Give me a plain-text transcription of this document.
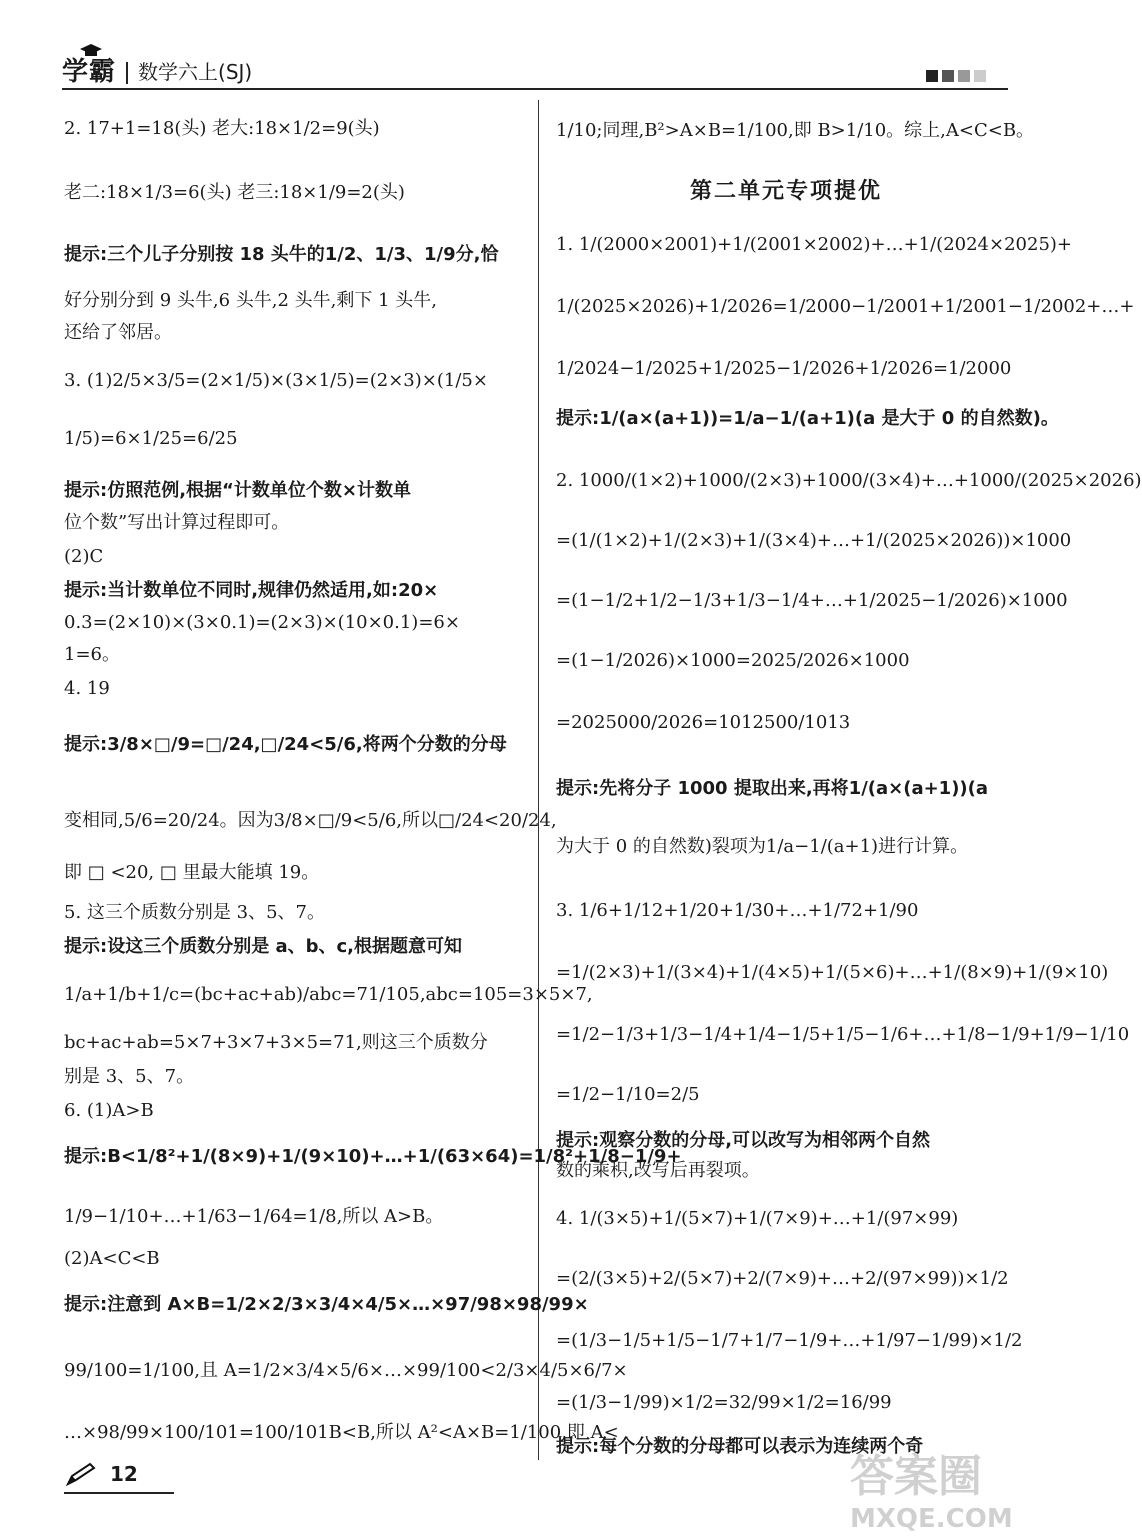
学霸 数学六上(SJ)
2. 17+1=18(头) 老大:18×1/2=9(头)
老二:18×1/3=6(头) 老三:18×1/9=2(头)
提示:三个儿子分别按 18 头牛的1/2、1/3、1/9分,恰
好分别分到 9 头牛,6 头牛,2 头牛,剩下 1 头牛,
还给了邻居。
3. (1)2/5×3/5=(2×1/5)×(3×1/5)=(2×3)×(1/5×
1/5)=6×1/25=6/25
提示:仿照范例,根据“计数单位个数×计数单
位个数”写出计算过程即可。
(2)C
提示:当计数单位不同时,规律仍然适用,如:20×
0.3=(2×10)×(3×0.1)=(2×3)×(10×0.1)=6×
1=6。
4. 19
提示:3/8×□/9=□/24,□/24<5/6,将两个分数的分母
变相同,5/6=20/24。因为3/8×□/9<5/6,所以□/24<20/24,
即 □ <20, □ 里最大能填 19。
5. 这三个质数分别是 3、5、7。
提示:设这三个质数分别是 a、b、c,根据题意可知
1/a+1/b+1/c=(bc+ac+ab)/abc=71/105,abc=105=3×5×7,
bc+ac+ab=5×7+3×7+3×5=71,则这三个质数分
别是 3、5、7。
6. (1)A>B
提示:B<1/8²+1/(8×9)+1/(9×10)+…+1/(63×64)=1/8²+1/8−1/9+
1/9−1/10+…+1/63−1/64=1/8,所以 A>B。
(2)A<C<B
提示:注意到 A×B=1/2×2/3×3/4×4/5×…×97/98×98/99×
99/100=1/100,且 A=1/2×3/4×5/6×…×99/100<2/3×4/5×6/7×
…×98/99×100/101=100/101B<B,所以 A²<A×B=1/100,即 A<
1/10;同理,B²>A×B=1/100,即 B>1/10。综上,A<C<B。
第二单元专项提优
1. 1/(2000×2001)+1/(2001×2002)+…+1/(2024×2025)+
1/(2025×2026)+1/2026=1/2000−1/2001+1/2001−1/2002+…+
1/2024−1/2025+1/2025−1/2026+1/2026=1/2000
提示:1/(a×(a+1))=1/a−1/(a+1)(a 是大于 0 的自然数)。
2. 1000/(1×2)+1000/(2×3)+1000/(3×4)+…+1000/(2025×2026)
=(1/(1×2)+1/(2×3)+1/(3×4)+…+1/(2025×2026))×1000
=(1−1/2+1/2−1/3+1/3−1/4+…+1/2025−1/2026)×1000
=(1−1/2026)×1000=2025/2026×1000
=2025000/2026=1012500/1013
提示:先将分子 1000 提取出来,再将1/(a×(a+1))(a
为大于 0 的自然数)裂项为1/a−1/(a+1)进行计算。
3. 1/6+1/12+1/20+1/30+…+1/72+1/90
=1/(2×3)+1/(3×4)+1/(4×5)+1/(5×6)+…+1/(8×9)+1/(9×10)
=1/2−1/3+1/3−1/4+1/4−1/5+1/5−1/6+…+1/8−1/9+1/9−1/10
=1/2−1/10=2/5
提示:观察分数的分母,可以改写为相邻两个自然
数的乘积,改写后再裂项。
4. 1/(3×5)+1/(5×7)+1/(7×9)+…+1/(97×99)
=(2/(3×5)+2/(5×7)+2/(7×9)+…+2/(97×99))×1/2
=(1/3−1/5+1/5−1/7+1/7−1/9+…+1/97−1/99)×1/2
=(1/3−1/99)×1/2=32/99×1/2=16/99
提示:每个分数的分母都可以表示为连续两个奇
12	答案圈
MXQE.COM
